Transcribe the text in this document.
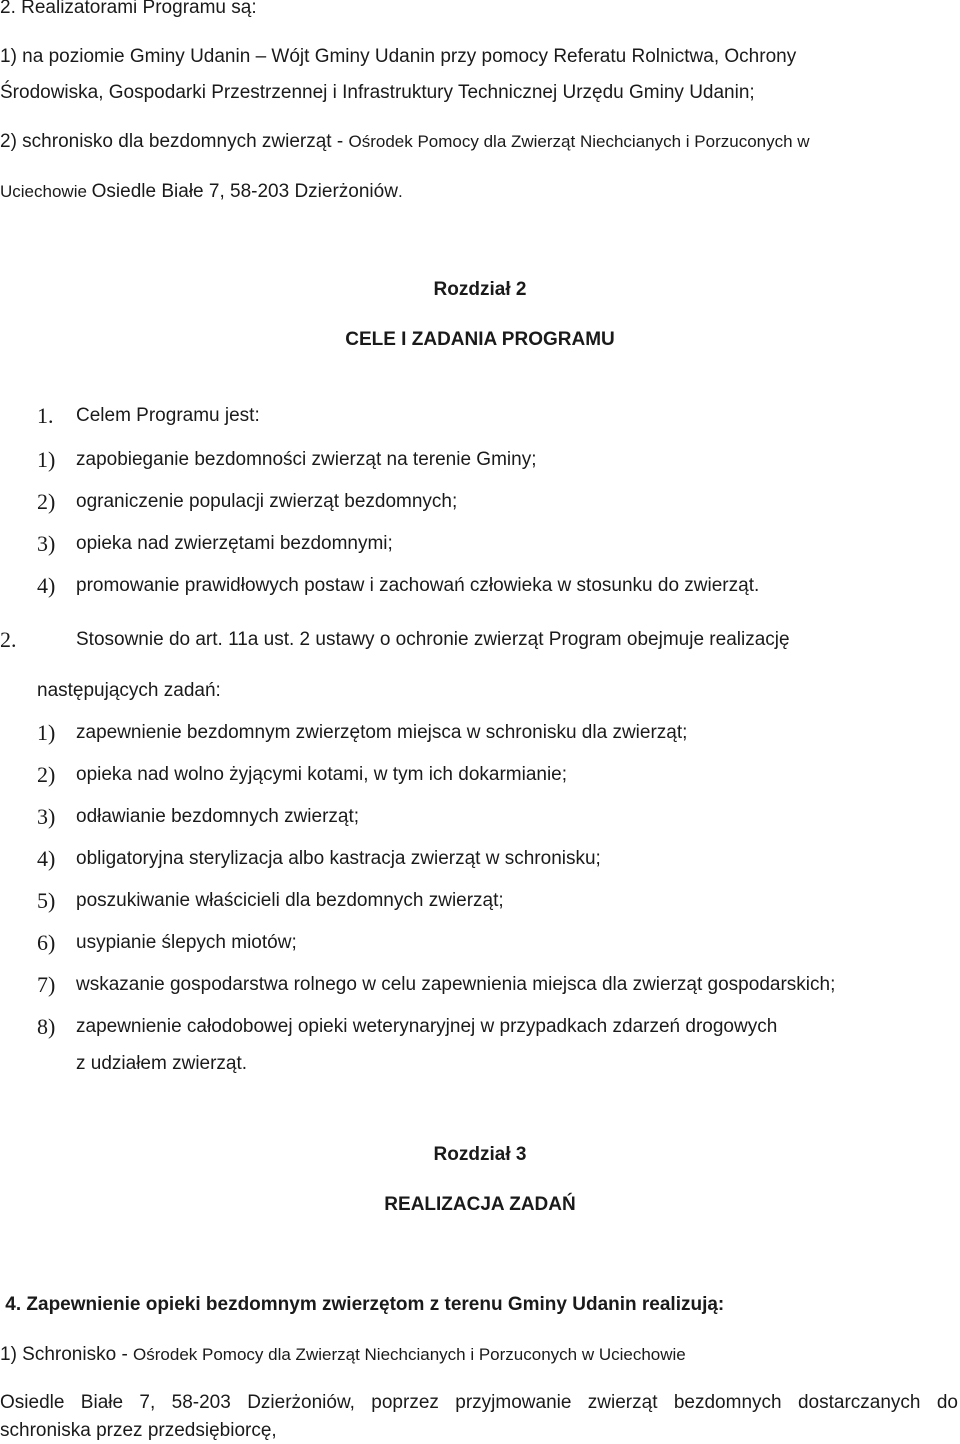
2. Realizatorami Programu są:
1) na poziomie Gminy Udanin – Wójt Gminy Udanin przy pomocy Referatu Rolnictwa, Ochrony
Środowiska, Gospodarki Przestrzennej i Infrastruktury Technicznej Urzędu Gminy Udanin;
2) schronisko dla bezdomnych zwierząt - Ośrodek Pomocy dla Zwierząt Niechcianych i Porzuconych w
Uciechowie Osiedle Białe 7, 58-203 Dzierżoniów.
Rozdział 2
CELE I ZADANIA PROGRAMU
1. Celem Programu jest:
1) zapobieganie bezdomności zwierząt na terenie Gminy;
2) ograniczenie populacji zwierząt bezdomnych;
3) opieka nad zwierzętami bezdomnymi;
4) promowanie prawidłowych postaw i zachowań człowieka w stosunku do zwierząt.
2.	Stosownie do art. 11a ust. 2 ustawy o ochronie zwierząt Program obejmuje realizację
następujących zadań:
1) zapewnienie bezdomnym zwierzętom miejsca w schronisku dla zwierząt;
2) opieka nad wolno żyjącymi kotami, w tym ich dokarmianie;
3) odławianie bezdomnych zwierząt;
4) obligatoryjna sterylizacja albo kastracja zwierząt w schronisku;
5) poszukiwanie właścicieli dla bezdomnych zwierząt;
6) usypianie ślepych miotów;
7) wskazanie gospodarstwa rolnego w celu zapewnienia miejsca dla zwierząt gospodarskich;
8) zapewnienie całodobowej opieki weterynaryjnej w przypadkach zdarzeń drogowych
z udziałem zwierząt.
Rozdział 3
REALIZACJA ZADAŃ
4. Zapewnienie opieki bezdomnym zwierzętom z terenu Gminy Udanin realizują:
1) Schronisko - Ośrodek Pomocy dla Zwierząt Niechcianych i Porzuconych w Uciechowie
Osiedle Białe 7, 58-203 Dzierżoniów, poprzez przyjmowanie zwierząt bezdomnych dostarczanych do
schroniska przez przedsiębiorcę,
